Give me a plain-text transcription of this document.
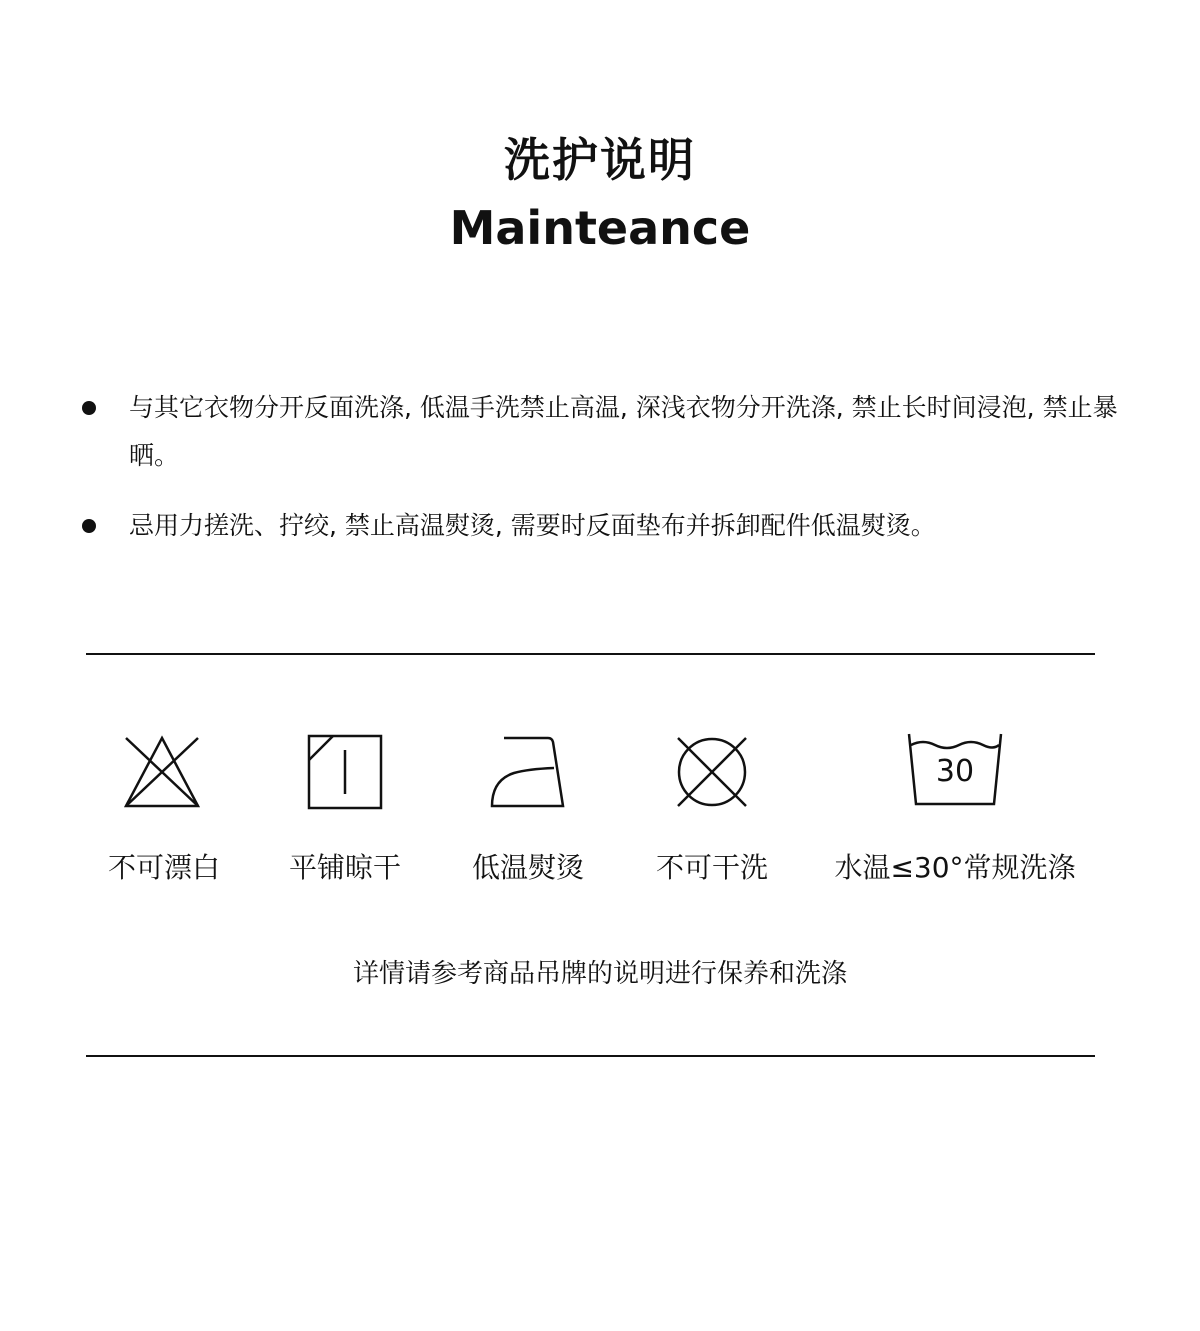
洗护说明
Mainteance
与其它衣物分开反面洗涤, 低温手洗禁止高温, 深浅衣物分开洗涤, 禁止长时间浸泡, 禁止暴晒。
忌用力搓洗、拧绞, 禁止高温熨烫, 需要时反面垫布并拆卸配件低温熨烫。
30
不可漂白 平铺晾干	低温熨烫	不可干洗 水温≤30°常规洗涤
详情请参考商品吊牌的说明进行保养和洗涤
